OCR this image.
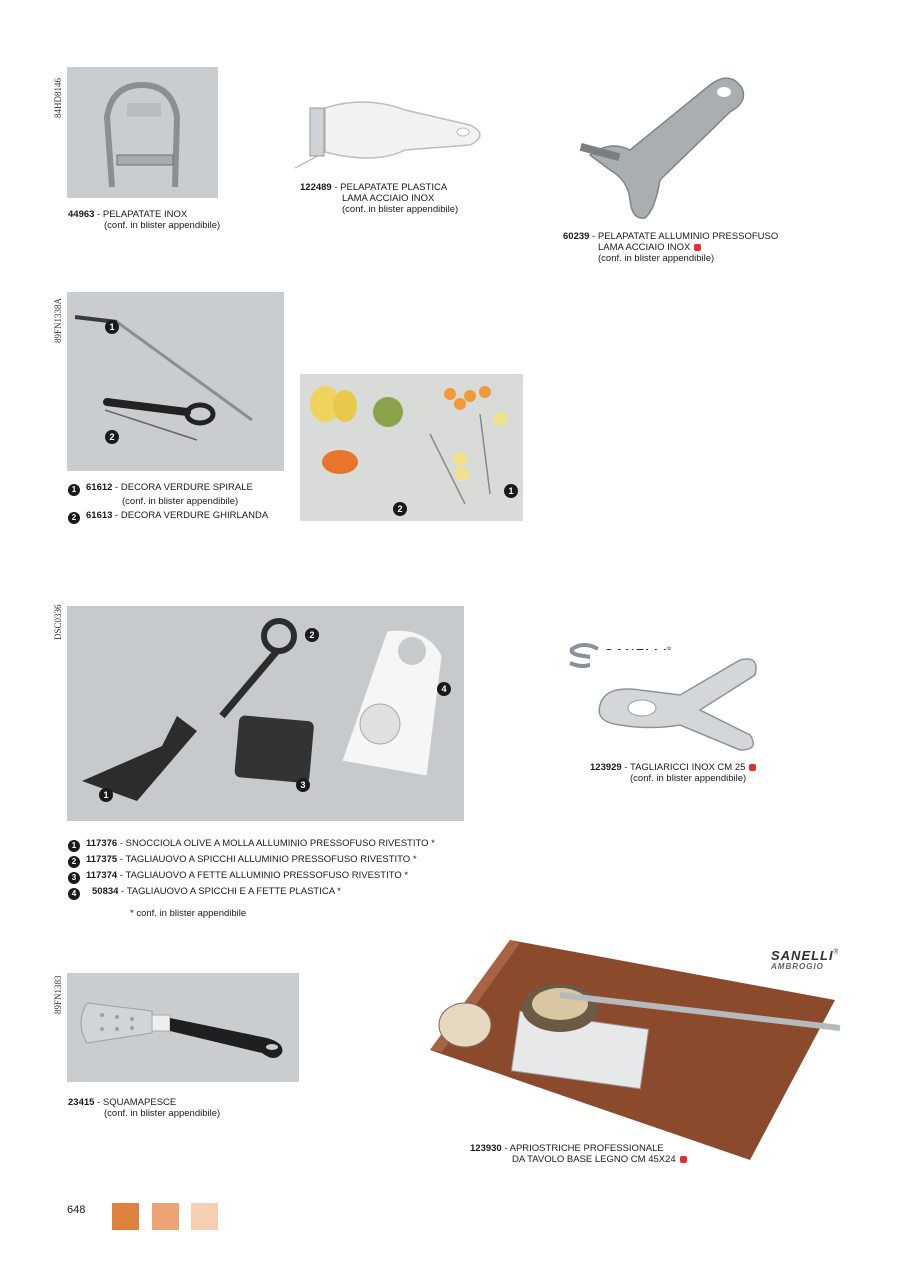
84HD8146
89FN1338A
DSC0336
89FN1383
44963 - PELAPATATE INOX
(conf. in blister appendibile)
122489 - PELAPATATE PLASTICA
LAMA ACCIAIO INOX
(conf. in blister appendibile)
60239 - PELAPATATE ALLUMINIO PRESSOFUSO
LAMA ACCIAIO INOX
(conf. in blister appendibile)
1
2
1 61612 - DECORA VERDURE SPIRALE
(conf. in blister appendibile)
2 61613 - DECORA VERDURE GHIRLANDA
2
1
1
2
3
4
1 117376 - SNOCCIOLA OLIVE A MOLLA ALLUMINIO PRESSOFUSO RIVESTITO *
2 117375 - TAGLIAUOVO A SPICCHI ALLUMINIO PRESSOFUSO RIVESTITO *
3 117374 - TAGLIAUOVO A FETTE ALLUMINIO PRESSOFUSO RIVESTITO *
4 50834 - TAGLIAUOVO A SPICCHI E A FETTE PLASTICA *
* conf. in blister appendibile
123929 - TAGLIARICCI INOX CM 25
(conf. in blister appendibile)
23415 - SQUAMAPESCE
(conf. in blister appendibile)
SANELLI®
AMBROGIO
123930 - APRIOSTRICHE PROFESSIONALE
DA TAVOLO BASE LEGNO CM 45X24
648
